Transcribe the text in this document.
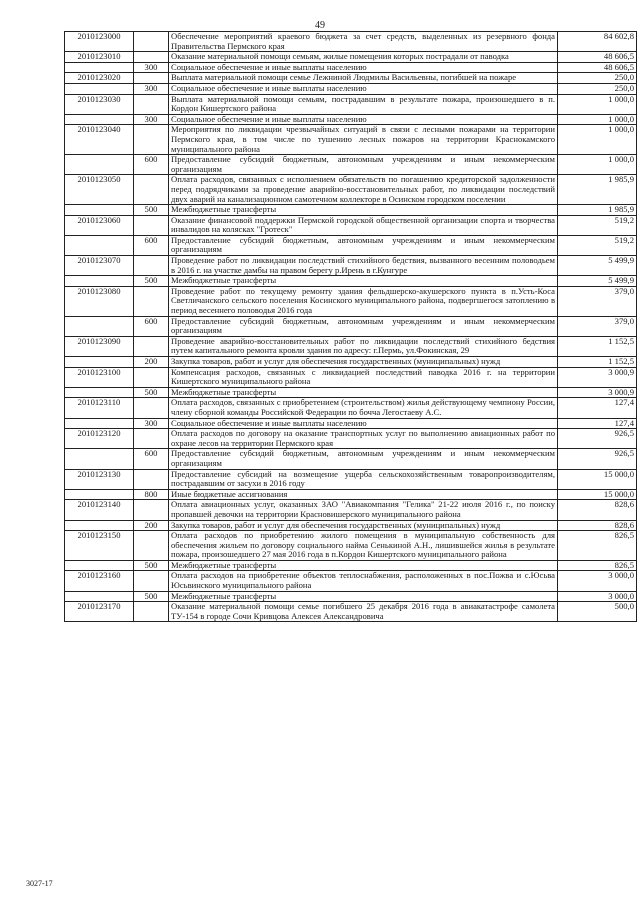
49
2010123000		Обеспечение мероприятий краевого бюджета за счет средств, выделенных из резервного фонда Правительства Пермского края	84 602,8
2010123010		Оказание материальной помощи семьям, жилые помещения которых пострадали от паводка	48 606,5
	300	Социальное обеспечение и иные выплаты населению	48 606,5
2010123020		Выплата материальной помощи семье Лежниной Людмилы Васильевны, погибшей на пожаре	250,0
	300	Социальное обеспечение и иные выплаты населению	250,0
2010123030		Выплата материальной помощи семьям, пострадавшим в результате пожара, произошедшего в п. Кордон Кишертского района	1 000,0
	300	Социальное обеспечение и иные выплаты населению	1 000,0
2010123040		Мероприятия по ликвидации чрезвычайных ситуаций в связи с лесными пожарами на территории Пермского края, в том числе по тушению лесных пожаров на территории Краснокамского муниципального района	1 000,0
	600	Предоставление субсидий бюджетным, автономным учреждениям и иным некоммерческим организациям	1 000,0
2010123050		Оплата расходов, связанных с исполнением обязательств по погашению кредиторской задолженности перед подрядчиками за проведение аварийно-восстановительных работ, по ликвидации последствий двух аварий на канализационном самотечном коллекторе в Осинском городском поселении	1 985,9
	500	Межбюджетные трансферты	1 985,9
2010123060		Оказание финансовой поддержки Пермской городской общественной организации спорта и творчества инвалидов на колясках "Гротеск"	519,2
	600	Предоставление субсидий бюджетным, автономным учреждениям и иным некоммерческим организациям	519,2
2010123070		Проведение работ по ликвидации последствий стихийного бедствия, вызванного весенним половодьем в 2016 г. на участке дамбы на правом берегу р.Ирень в г.Кунгуре	5 499,9
	500	Межбюджетные трансферты	5 499,9
2010123080		Проведение работ по текущему ремонту здания фельдшерско-акушерского пункта в п.Усть-Коса Светличанского сельского поселения Косинского муниципального района, подвергшегося затоплению в период весеннего половодья 2016 года	379,0
	600	Предоставление субсидий бюджетным, автономным учреждениям и иным некоммерческим организациям	379,0
2010123090		Проведение аварийно-восстановительных работ по ликвидации последствий стихийного бедствия путем капитального ремонта кровли здания по адресу: г.Пермь, ул.Фокинская, 29	1 152,5
	200	Закупка товаров, работ и услуг для обеспечения государственных (муниципальных) нужд	1 152,5
2010123100		Компенсация расходов, связанных с ликвидацией последствий паводка 2016 г. на территории Кишертского муниципального района	3 000,9
	500	Межбюджетные трансферты	3 000,9
2010123110		Оплата расходов, связанных с приобретением (строительством) жилья действующему чемпиону России, члену сборной команды Российской Федерации по бочча Легостаеву А.С.	127,4
	300	Социальное обеспечение и иные выплаты населению	127,4
2010123120		Оплата расходов по договору на оказание транспортных услуг по выполнению авиационных работ по охране лесов на территории Пермского края	926,5
	600	Предоставление субсидий бюджетным, автономным учреждениям и иным некоммерческим организациям	926,5
2010123130		Предоставление субсидий на возмещение ущерба сельскохозяйственным товаропроизводителям, пострадавшим от засухи в 2016 году	15 000,0
	800	Иные бюджетные ассигнования	15 000,0
2010123140		Оплата авиационных услуг, оказанных ЗАО "Авиакомпания "Гелика" 21-22 июля 2016 г., по поиску пропавшей девочки на территории Красновишерского муниципального района	828,6
	200	Закупка товаров, работ и услуг для обеспечения государственных (муниципальных) нужд	828,6
2010123150		Оплата расходов по приобретению жилого помещения в муниципальную собственность для обеспечения жильем по договору социального найма Сенькиной А.Н., лишившейся жилья в результате пожара, произошедшего 27 мая 2016 года в п.Кордон Кишертского муниципального района	826,5
	500	Межбюджетные трансферты	826,5
2010123160		Оплата расходов на приобретение объектов теплоснабжения, расположенных в пос.Пожва и с.Юсьва Юсьвинского муниципального района	3 000,0
	500	Межбюджетные трансферты	3 000,0
2010123170		Оказание материальной помощи семье погибшего 25 декабря 2016 года в авиакатастрофе самолета ТУ-154 в городе Сочи Кривцова Алексея Александровича	500,0
3027-17
